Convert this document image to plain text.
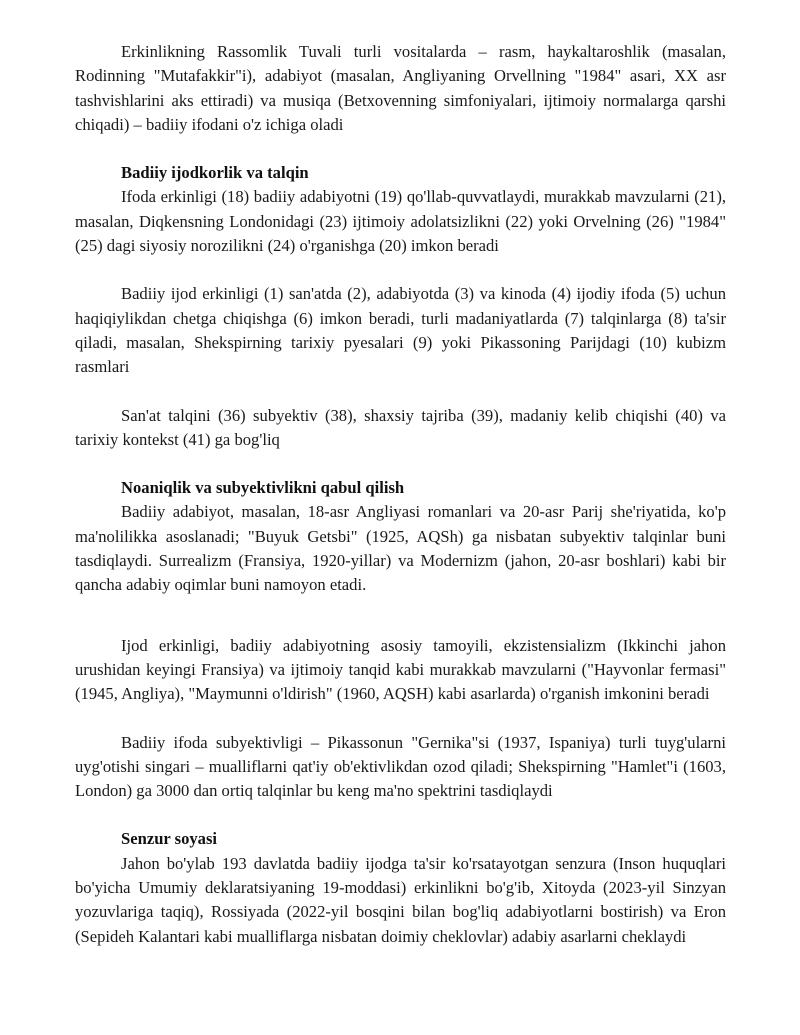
Erkinlikning Rassomlik Tuvali turli vositalarda – rasm, haykaltaroshlik (masalan, Rodinning "Mutafakkir"i), adabiyot (masalan, Angliyaning Orvellning "1984" asari, XX asr tashvishlarini aks ettiradi) va musiqa (Betxovenning simfoniyalari, ijtimoiy normalarga qarshi chiqadi) – badiiy ifodani o'z ichiga oladi

Badiiy ijodkorlik va talqin

Ifoda erkinligi (18) badiiy adabiyotni (19) qo'llab-quvvatlaydi, murakkab mavzularni (21), masalan, Diqkensning Londonidagi (23) ijtimoiy adolatsizlikni (22) yoki Orvelning (26) "1984" (25) dagi siyosiy norozilikni (24) o'rganishga (20) imkon beradi

Badiiy ijod erkinligi (1) san'atda (2), adabiyotda (3) va kinoda (4) ijodiy ifoda (5) uchun haqiqiylikdan chetga chiqishga (6) imkon beradi, turli madaniyatlarda (7) talqinlarga (8) ta'sir qiladi, masalan, Shekspirning tarixiy pyesalari (9) yoki Pikassoning Parijdagi (10) kubizm rasmlari

San'at talqini (36) subyektiv (38), shaxsiy tajriba (39), madaniy kelib chiqishi (40) va tarixiy kontekst (41) ga bog'liq

Noaniqlik va subyektivlikni qabul qilish

Badiiy adabiyot, masalan, 18-asr Angliyasi romanlari va 20-asr Parij she'riyatida, ko'p ma'nolilikka asoslanadi; "Buyuk Getsbi" (1925, AQSh) ga nisbatan subyektiv talqinlar buni tasdiqlaydi. Surrealizm (Fransiya, 1920-yillar) va Modernizm (jahon, 20-asr boshlari) kabi bir qancha adabiy oqimlar buni namoyon etadi.

Ijod erkinligi, badiiy adabiyotning asosiy tamoyili, ekzistensializm (Ikkinchi jahon urushidan keyingi Fransiya) va ijtimoiy tanqid kabi murakkab mavzularni ("Hayvonlar fermasi" (1945, Angliya), "Maymunni o'ldirish" (1960, AQSH) kabi asarlarda) o'rganish imkonini beradi

Badiiy ifoda subyektivligi – Pikassonun "Gernika"si (1937, Ispaniya) turli tuyg'ularni uyg'otishi singari – mualliflarni qat'iy ob'ektivlikdan ozod qiladi; Shekspirning "Hamlet"i (1603, London) ga 3000 dan ortiq talqinlar bu keng ma'no spektrini tasdiqlaydi

Senzur soyasi

Jahon bo'ylab 193 davlatda badiiy ijodga ta'sir ko'rsatayotgan senzura (Inson huquqlari bo'yicha Umumiy deklaratsiyaning 19-moddasi) erkinlikni bo'g'ib, Xitoyda (2023-yil Sinzyan yozuvlariga taqiq), Rossiyada (2022-yil bosqini bilan bog'liq adabiyotlarni bostirish) va Eron (Sepideh Kalantari kabi mualliflarga nisbatan doimiy cheklovlar) adabiy asarlarni cheklaydi
